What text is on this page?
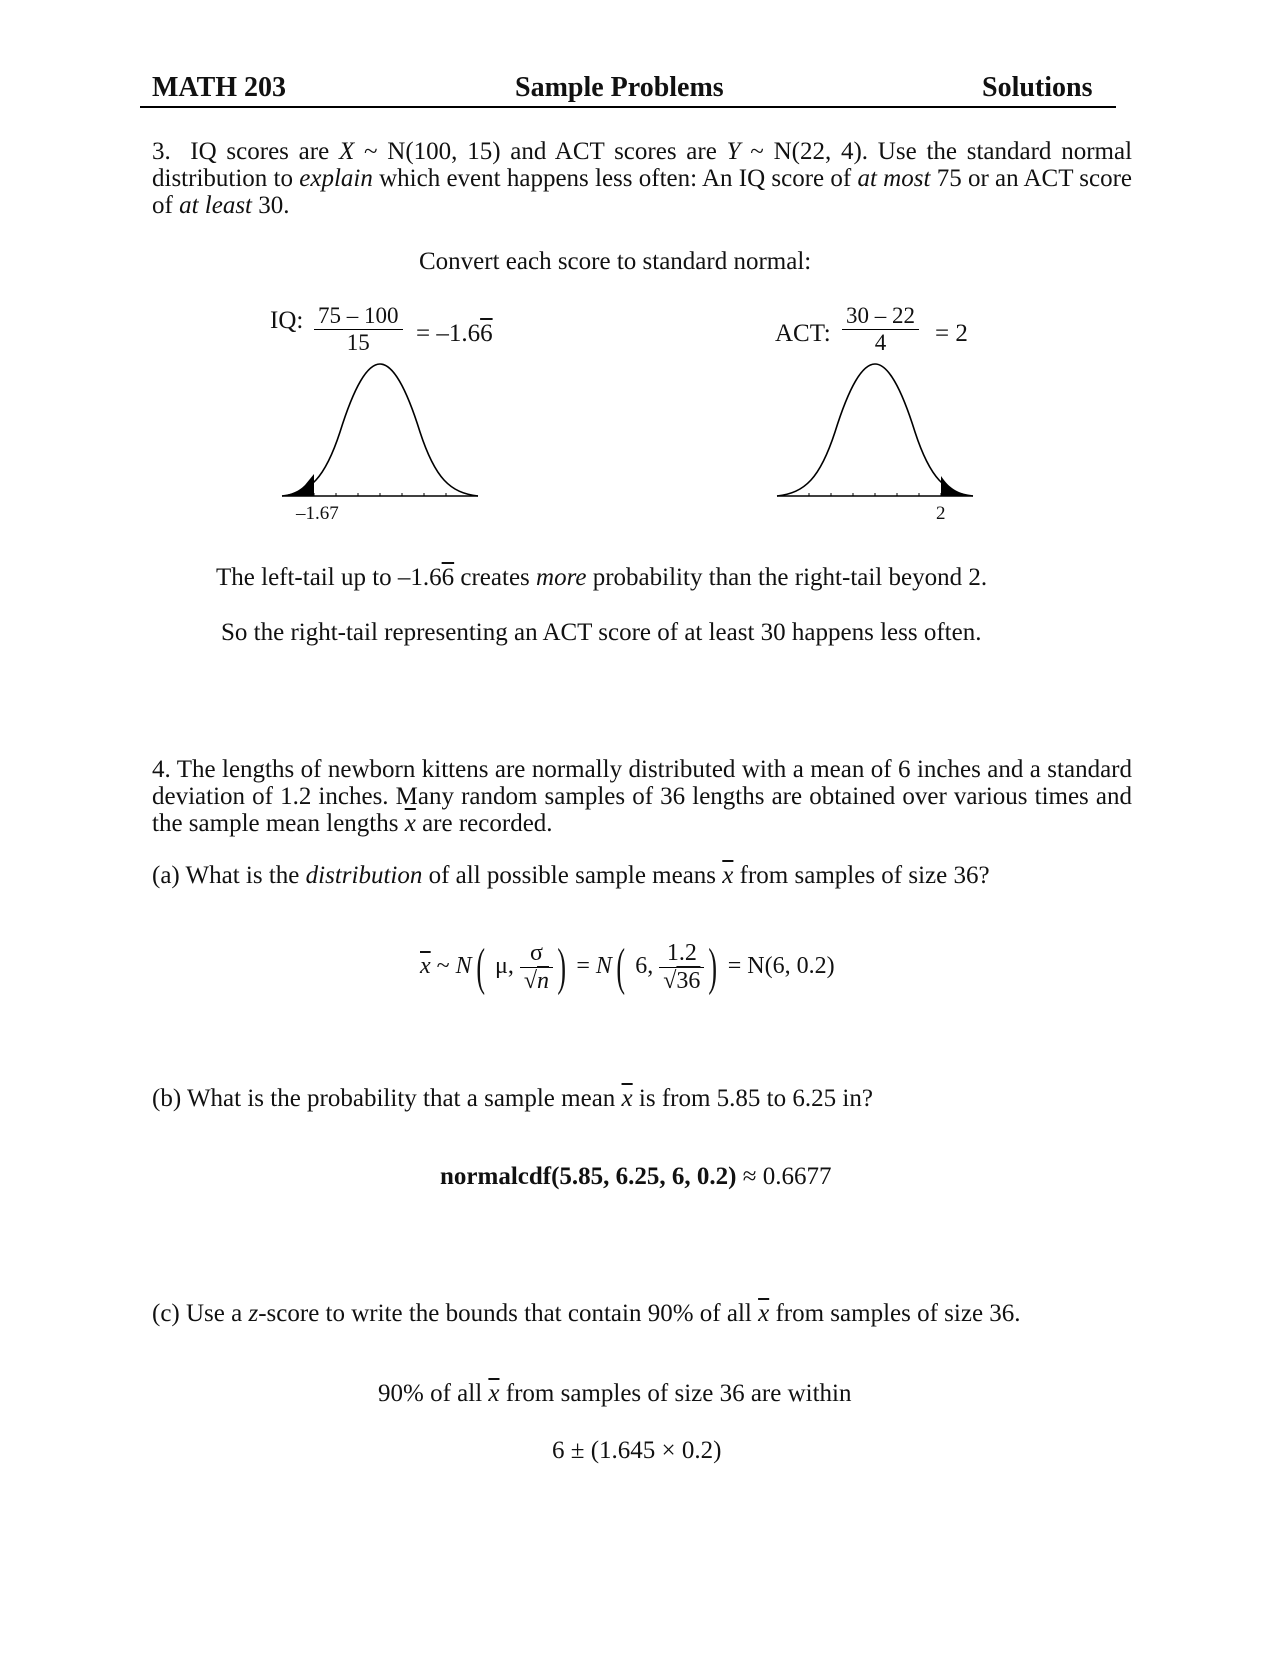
MATH 203	Sample Problems	Solutions
3. IQ scores are X ~ N(100, 15) and ACT scores are Y ~ N(22, 4). Use the standard normal distribution to explain which event happens less often: An IQ score of at most 75 or an ACT score of at least 30.
Convert each score to standard normal:
IQ: $\frac{75 - 100}{15} = -1.66$	ACT: $\frac{30 - 22}{4} = 2$
–1.67	2
The left-tail up to –1.66 creates more probability than the right-tail beyond 2.
So the right-tail representing an ACT score of at least 30 happens less often.
4. The lengths of newborn kittens are normally distributed with a mean of 6 inches and a standard deviation of 1.2 inches. Many random samples of 36 lengths are obtained over various times and the sample mean lengths $\overline{x}$ are recorded.
(a) What is the distribution of all possible sample means $\overline{x}$ from samples of size 36?
$\overline{x}$ ~ N( μ, $\frac{\sigma}{√n}$ ) = N( 6, $\frac{1.2}{√36}$ ) = N(6, 0.2)
(b) What is the probability that a sample mean $\overline{x}$ is from 5.85 to 6.25 in?
normalcdf(5.85, 6.25, 6, 0.2) ≈ 0.6677
(c) Use a z-score to write the bounds that contain 90% of all $\overline{x}$ from samples of size 36.
90% of all $\overline{x}$ from samples of size 36 are within
6 ± (1.645 × 0.2)
